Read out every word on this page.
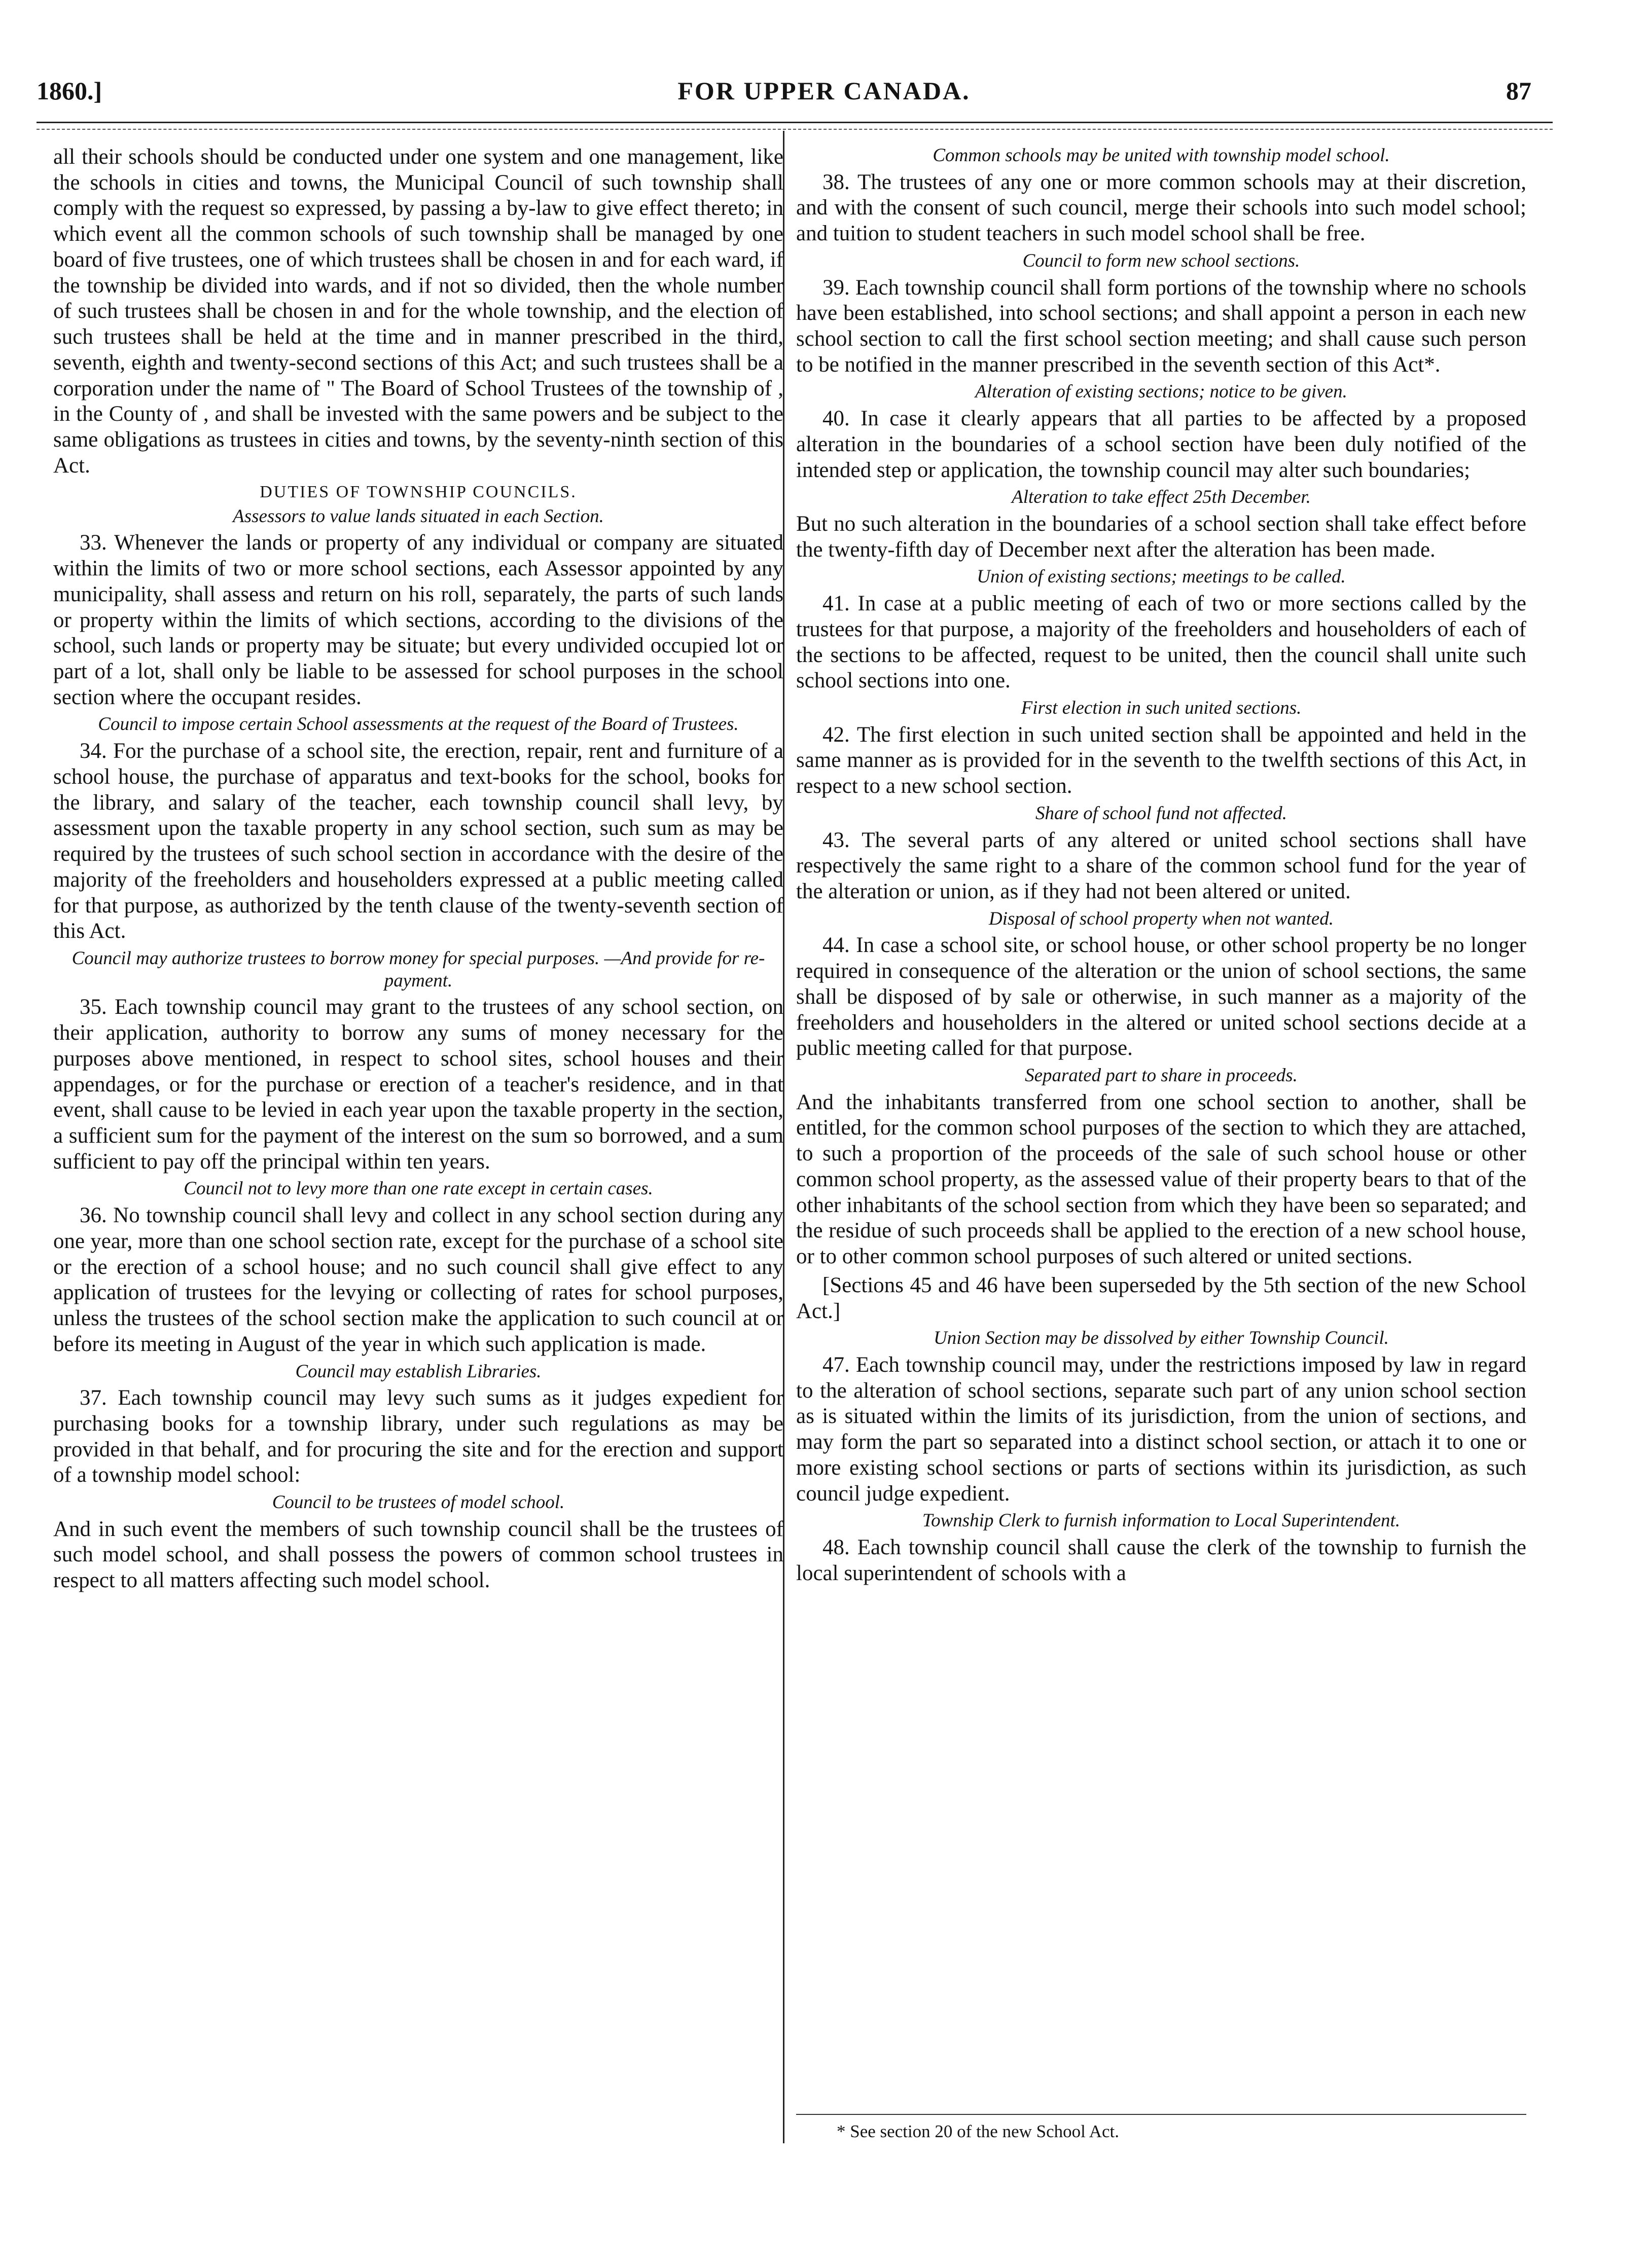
1860.]	FOR UPPER CANADA.	87

all their schools should be conducted under one system and one management, like the schools in cities and towns, the Municipal Council of such township shall comply with the request so expressed, by passing a by-law to give effect thereto; in which event all the common schools of such township shall be managed by one board of five trustees, one of which trustees shall be chosen in and for each ward, if the township be divided into wards, and if not so divided, then the whole number of such trustees shall be chosen in and for the whole township, and the election of such trustees shall be held at the time and in manner prescribed in the third, seventh, eighth and twenty-second sections of this Act; and such trustees shall be a corporation under the name of " The Board of School Trustees of the township of , in the County of , and shall be invested with the same powers and be subject to the same obligations as trustees in cities and towns, by the seventy-ninth section of this Act.

DUTIES OF TOWNSHIP COUNCILS.

Assessors to value lands situated in each Section.

33. Whenever the lands or property of any individual or company are situated within the limits of two or more school sections, each Assessor appointed by any municipality, shall assess and return on his roll, separately, the parts of such lands or property within the limits of which sections, according to the divisions of the school, such lands or property may be situate; but every undivided occupied lot or part of a lot, shall only be liable to be assessed for school purposes in the school section where the occupant resides.

Council to impose certain School assessments at the request of the Board of Trustees.

34. For the purchase of a school site, the erection, repair, rent and furniture of a school house, the purchase of apparatus and text-books for the school, books for the library, and salary of the teacher, each township council shall levy, by assessment upon the taxable property in any school section, such sum as may be required by the trustees of such school section in accordance with the desire of the majority of the freeholders and householders expressed at a public meeting called for that purpose, as authorized by the tenth clause of the twenty-seventh section of this Act.

Council may authorize trustees to borrow money for special purposes. —And provide for re-payment.

35. Each township council may grant to the trustees of any school section, on their application, authority to borrow any sums of money necessary for the purposes above mentioned, in respect to school sites, school houses and their appendages, or for the purchase or erection of a teacher's residence, and in that event, shall cause to be levied in each year upon the taxable property in the section, a sufficient sum for the payment of the interest on the sum so borrowed, and a sum sufficient to pay off the principal within ten years.

Council not to levy more than one rate except in certain cases.

36. No township council shall levy and collect in any school section during any one year, more than one school section rate, except for the purchase of a school site or the erection of a school house; and no such council shall give effect to any application of trustees for the levying or collecting of rates for school purposes, unless the trustees of the school section make the application to such council at or before its meeting in August of the year in which such application is made.

Council may establish Libraries.

37. Each township council may levy such sums as it judges expedient for purchasing books for a township library, under such regulations as may be provided in that behalf, and for procuring the site and for the erection and support of a township model school:

Council to be trustees of model school.

And in such event the members of such township council shall be the trustees of such model school, and shall possess the powers of common school trustees in respect to all matters affecting such model school.

Common schools may be united with township model school.

38. The trustees of any one or more common schools may at their discretion, and with the consent of such council, merge their schools into such model school; and tuition to student teachers in such model school shall be free.

Council to form new school sections.

39. Each township council shall form portions of the township where no schools have been established, into school sections; and shall appoint a person in each new school section to call the first school section meeting; and shall cause such person to be notified in the manner prescribed in the seventh section of this Act*.

Alteration of existing sections; notice to be given.

40. In case it clearly appears that all parties to be affected by a proposed alteration in the boundaries of a school section have been duly notified of the intended step or application, the township council may alter such boundaries;

Alteration to take effect 25th December.

But no such alteration in the boundaries of a school section shall take effect before the twenty-fifth day of December next after the alteration has been made.

Union of existing sections; meetings to be called.

41. In case at a public meeting of each of two or more sections called by the trustees for that purpose, a majority of the freeholders and householders of each of the sections to be affected, request to be united, then the council shall unite such school sections into one.

First election in such united sections.

42. The first election in such united section shall be appointed and held in the same manner as is provided for in the seventh to the twelfth sections of this Act, in respect to a new school section.

Share of school fund not affected.

43. The several parts of any altered or united school sections shall have respectively the same right to a share of the common school fund for the year of the alteration or union, as if they had not been altered or united.

Disposal of school property when not wanted.

44. In case a school site, or school house, or other school property be no longer required in consequence of the alteration or the union of school sections, the same shall be disposed of by sale or otherwise, in such manner as a majority of the freeholders and householders in the altered or united school sections decide at a public meeting called for that purpose.

Separated part to share in proceeds.

And the inhabitants transferred from one school section to another, shall be entitled, for the common school purposes of the section to which they are attached, to such a proportion of the proceeds of the sale of such school house or other common school property, as the assessed value of their property bears to that of the other inhabitants of the school section from which they have been so separated; and the residue of such proceeds shall be applied to the erection of a new school house, or to other common school purposes of such altered or united sections.

[Sections 45 and 46 have been superseded by the 5th section of the new School Act.]

Union Section may be dissolved by either Township Council.

47. Each township council may, under the restrictions imposed by law in regard to the alteration of school sections, separate such part of any union school section as is situated within the limits of its jurisdiction, from the union of sections, and may form the part so separated into a distinct school section, or attach it to one or more existing school sections or parts of sections within its jurisdiction, as such council judge expedient.

Township Clerk to furnish information to Local Superintendent.

48. Each township council shall cause the clerk of the township to furnish the local superintendent of schools with a

* See section 20 of the new School Act.
